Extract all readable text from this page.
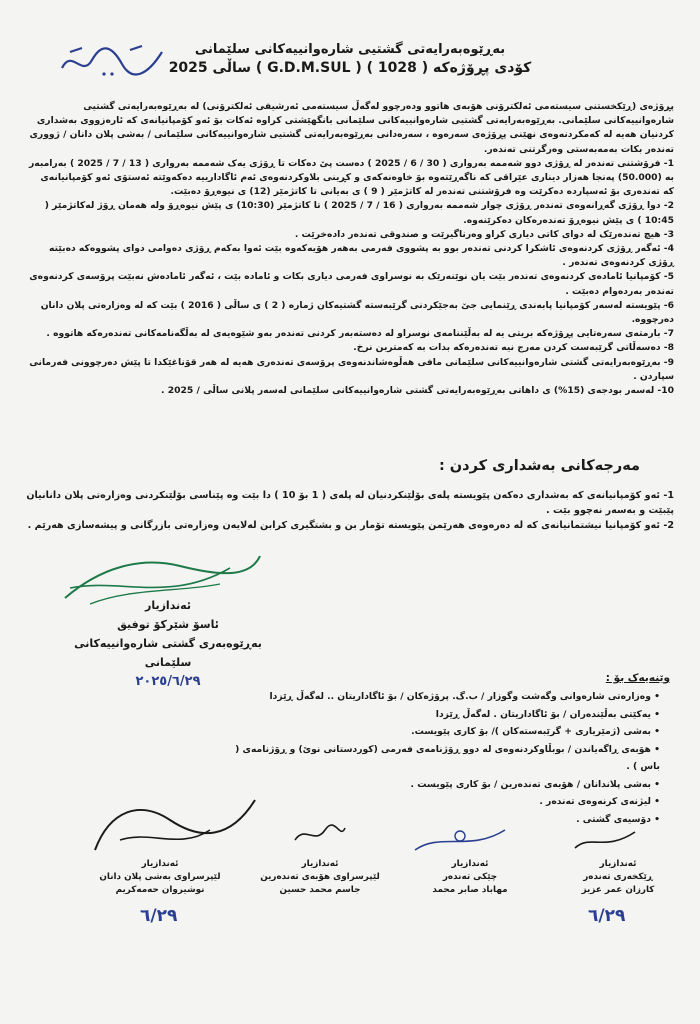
بەڕێوەبەرایەتی گشتیی شارەوانییەکانی سلێمانی
کۆدی پڕۆژەکە ( 1028 ) ( G.D.M.SUL ) ساڵی 2025

پڕۆژەی (ڕێکخستنی سیستەمی ئەلکترۆنی هۆبەی هاتوو ودەرچوو لەگەڵ سیستەمی ئەرشیفی ئەلکترۆنی) لە بەڕێوەبەرایەتی گشتیی شارەوانییەکانی سلێمانی. بەڕێوەبەرایەتی گشتیی شارەوانییەکانی سلێمانی بانگهێشتی کراوە ئەکات بۆ ئەو کۆمپانیانەی کە ئارەزووی بەشداری کردنیان هەیە لە کەمکردنەوەی نهێنی پڕۆژەی سەرەوە ، سەرەدانی بەڕێوەبەرایەتی گشتیی شارەوانییەکانی سلێمانی / بەشی پلان دانان / ژووری تەندەر بکات بەمەبەستی وەرگرتنی تەندەر.

1- فرۆشتنی تەندەر لە ڕۆژی دوو شەممە بەرواری ( 30 / 6 / 2025 ) دەست پێ دەکات تا ڕۆژی یەک شەممە بەرواری ( 13 / 7 / 2025 ) بەرامبەر بە (50.000) پەنجا هەزار دیناری عێراقی کە ناگەڕێتەوە بۆ خاوەنەکەی و کڕینی بلاوکردنەوەی ئەم ئاگادارییە دەکەوێتە ئەستۆی ئەو کۆمپانیانەی کە تەندەری بۆ ئەسپاردە دەکرێت وە فرۆشتنی تەندەر لە کاتژمێر ( 9 ) ی بەیانی تا کاتژمێر (12) ی نیوەڕۆ دەبێت.

2- دوا ڕۆژی گەڕانەوەی تەندەر ڕۆژی چوار شەممە بەرواری ( 16 / 7 / 2025 ) تا کاتژمێر (10:30) ی پێش نیوەڕۆ وله هەمان ڕۆژ لەکاتژمێر ( 10:45 ) ی پێش نیوەڕۆ تەندەرەکان دەکرێنەوە.

3- هیچ تەندەرێک لە دوای کاتی دیاری کراو وەرناگیرێت و صندوقی تەندەر داده‌خرێت .

4- ئەگەر ڕۆژی کردنەوەی ئاشکرا کردنی تەندەر بوو بە پشووی فەرمی بەهەر هۆیەکەوە بێت ئەوا بەکەم ڕۆژی دەوامی دوای پشووەکە دەبێتە ڕۆژی کردنەوەی تەندەر .

5- کۆمپانیا ئامادەی کردنەوەی تەندەر بێت یان نوێنەرێک بە نوسراوی فەرمی دیاری بکات و ئامادە بێت ، ئەگەر ئامادەش نەبێت پرۆسەی کردنەوەی تەندەر بەردەوام دەبێت .

6- پێویستە لەسەر کۆمپانیا پابەندی ڕێنمایی جێ بەجێکردنی گرێبەستە گشتیەکان ژمارە ( 2 ) ی ساڵی ( 2016 ) بێت کە لە وەزارەتی پلان دانان دەرچووە.

7- بارمتەی سەرەتایی پڕۆژەکە بریتی یە لە بەڵێننامەی نوسراو لە دەستەبەر کردنی تەندەر بەو شێوەیەی لە بەڵگەنامەکانی تەندەرەکە هاتووە .

8- دەسەڵاتی گرێبەست کردن مەرج نیە تەندەرەکە بدات بە کەمترین نرخ.

9- بەڕێوەبەرایەتی گشتی شارەوانییەکانی سلێمانی مافی هەڵوەشاندنەوەی پرۆسەی تەندەری هەیە لە هەر قۆناغێکدا تا پێش دەرچوونی فەرمانی سپاردن .

10- لەسەر بودجەی (15%) ی داهاتی بەڕێوەبەرایەتی گشتی شارەوانییەکانی سلێمانی لەسەر پلانی ساڵی / 2025 .

مەرجەکانی بەشداری کردن :

1- ئەو کۆمپانیانەی کە بەشداری دەکەن پێویستە پلەی بۆلێنکردنیان لە پلەی ( 1 بۆ 10 ) دا بێت وە پێناسی بۆلێنکردنی وەزارەتی پلان دانانیان پێبێت و بەسەر نەچوو بێت .

2- ئەو کۆمپانیا نیشتمانیانەی کە لە دەرەوەی هەرێمن پێویستە تۆمار بن و بشتگیری کرابن لەلایەن وەزارەتی بازرگانی و پیشەسازی هەرێم .

ئەندازیار
ئاسۆ شێرکۆ توفیق
بەڕێوەبەری گشتی شارەوانییەکانی سلێمانی
٢٠٢٥/٦/٢٩	وێنەیەک بۆ :
• وەزارەتی شارەوانی وگەشت وگوزار / ب.گ. پرۆژەکان / بۆ ئاگاداریتان .. لەگەڵ ڕێزدا
• یەکێتی بەڵێندەران / بۆ ئاگاداریتان . لەگەڵ ڕێزدا
• بەشی (ژمێریاری + گرێبەستەکان )/ بۆ کاری پێویست.
• هۆبەی ڕاگەیاندن / بوبڵاوکردنەوەی لە دوو ڕۆژنامەی فەرمی (کوردستانی نوێ) و ڕۆژنامەی ( باس ) .
• بەشی پلاندانان / هۆبەی تەندەرین / بۆ کاری پێویست .
• لیژنەی کرنەوەی تەندەر .
• دۆسیەی گشتی .
ئەندازیار
لێپرسراوی بەشی پلان دانان
نوشیروان حەمەکریم
٦/٢٩
ئەندازیار
لێپرسراوی هۆبەی تەندەرین
جاسم محمد حسین
ئەندازیار
چێکی تەندەر
مهاباد صابر محمد
ئەندازیار
ڕێکخەری تەندەر
کارزان عمر عزیز
٦/٢٩
